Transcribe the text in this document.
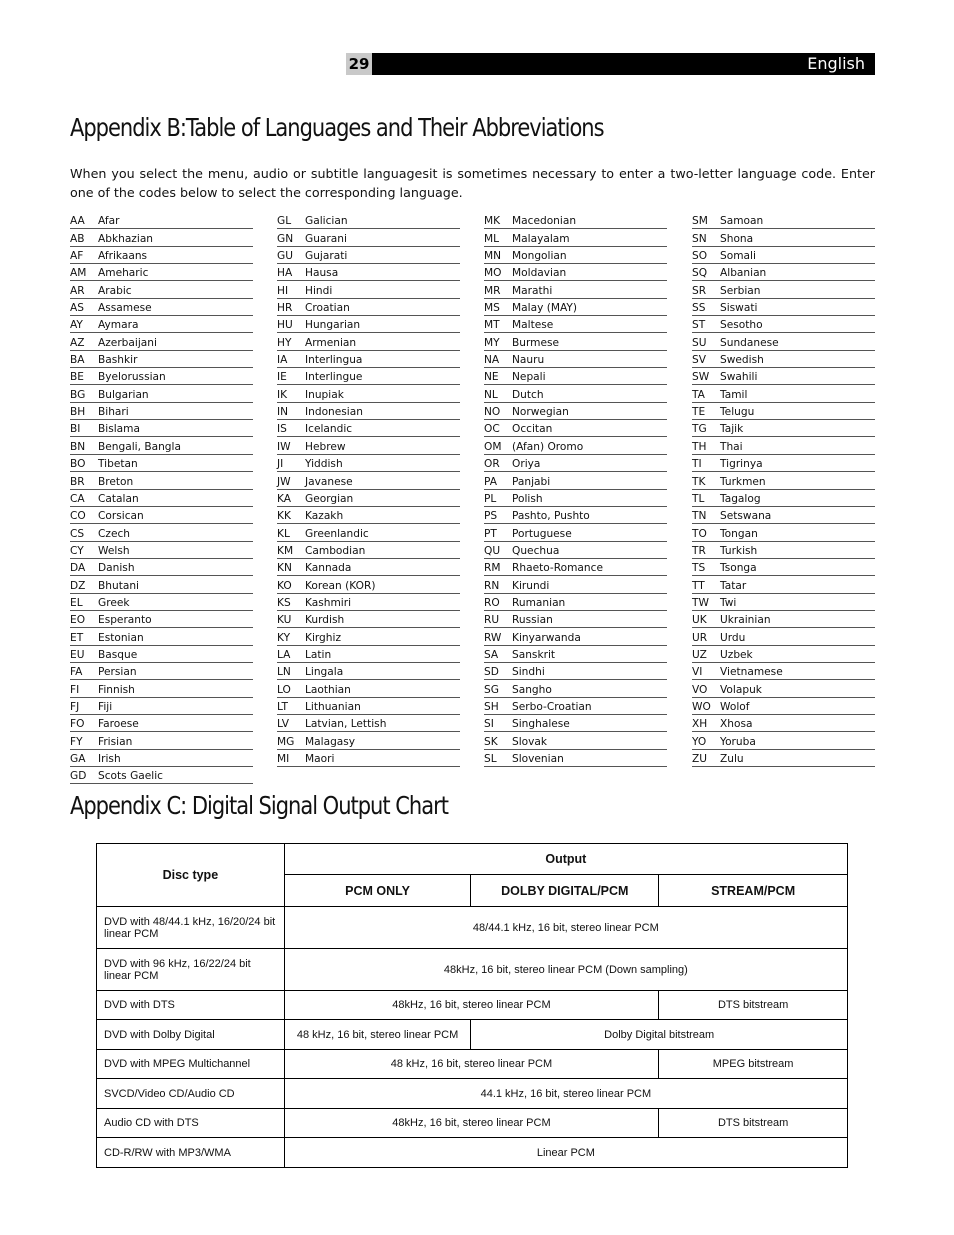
29	English
Appendix B:Table of Languages and Their Abbreviations

When you select the menu, audio or subtitle languagesit is sometimes necessary to enter a two-letter language code. Enter one of the codes below to select the corresponding language.

AA	Afar
AB	Abkhazian
AF	Afrikaans
AM	Ameharic
AR	Arabic
AS	Assamese
AY	Aymara
AZ	Azerbaijani
BA	Bashkir
BE	Byelorussian
BG	Bulgarian
BH	Bihari
BI	Bislama
BN	Bengali, Bangla
BO	Tibetan
BR	Breton
CA	Catalan
CO	Corsican
CS	Czech
CY	Welsh
DA	Danish
DZ	Bhutani
EL	Greek
EO	Esperanto
ET	Estonian
EU	Basque
FA	Persian
FI	Finnish
FJ	Fiji
FO	Faroese
FY	Frisian
GA	Irish
GD	Scots Gaelic
GL	Galician
GN	Guarani
GU	Gujarati
HA	Hausa
HI	Hindi
HR	Croatian
HU	Hungarian
HY	Armenian
IA	Interlingua
IE	Interlingue
IK	Inupiak
IN	Indonesian
IS	Icelandic
IW	Hebrew
JI	Yiddish
JW	Javanese
KA	Georgian
KK	Kazakh
KL	Greenlandic
KM	Cambodian
KN	Kannada
KO	Korean (KOR)
KS	Kashmiri
KU	Kurdish
KY	Kirghiz
LA	Latin
LN	Lingala
LO	Laothian
LT	Lithuanian
LV	Latvian, Lettish
MG	Malagasy
MI	Maori
MK	Macedonian
ML	Malayalam
MN	Mongolian
MO Moldavian
MR	Marathi
MS	Malay (MAY)
MT	Maltese
MY	Burmese
NA	Nauru
NE	Nepali
NL	Dutch
NO	Norwegian
OC	Occitan
OM (Afan) Oromo
OR	Oriya
PA	Panjabi
PL	Polish
PS	Pashto, Pushto
PT	Portuguese
QU	Quechua
RM	Rhaeto-Romance
RN	Kirundi
RO	Rumanian
RU	Russian
RW Kinyarwanda
SA	Sanskrit
SD	Sindhi
SG	Sangho
SH	Serbo-Croatian
SI	Singhalese
SK	Slovak
SL	Slovenian
SM	Samoan
SN	Shona
SO	Somali
SQ	Albanian
SR	Serbian
SS	Siswati
ST	Sesotho
SU	Sundanese
SV	Swedish
SW	Swahili
TA	Tamil
TE	Telugu
TG	Tajik
TH	Thai
TI	Tigrinya
TK	Turkmen
TL	Tagalog
TN	Setswana
TO	Tongan
TR	Turkish
TS	Tsonga
TT	Tatar
TW	Twi
UK	Ukrainian
UR	Urdu
UZ	Uzbek
VI	Vietnamese
VO	Volapuk
WO Wolof
XH	Xhosa
YO	Yoruba
ZU	Zulu
Appendix C: Digital Signal Output Chart
Disc type	Output		
	PCM ONLY	DOLBY DIGITAL/PCM	STREAM/PCM
DVD with 48/44.1 kHz, 16/20/24 bit linear PCM	48/44.1 kHz, 16 bit, stereo linear PCM		
DVD with 96 kHz, 16/22/24 bit linear PCM	48kHz, 16 bit, stereo linear PCM (Down sampling)		
DVD with DTS	48kHz, 16 bit, stereo linear PCM		DTS bitstream
DVD with Dolby Digital	48 kHz, 16 bit, stereo linear PCM	Dolby Digital bitstream	
DVD with MPEG Multichannel	48 kHz, 16 bit, stereo linear PCM		MPEG bitstream
SVCD/Video CD/Audio CD	44.1 kHz, 16 bit, stereo linear PCM		
Audio CD with DTS	48kHz, 16 bit, stereo linear PCM		DTS bitstream
CD-R/RW with MP3/WMA	Linear PCM		
